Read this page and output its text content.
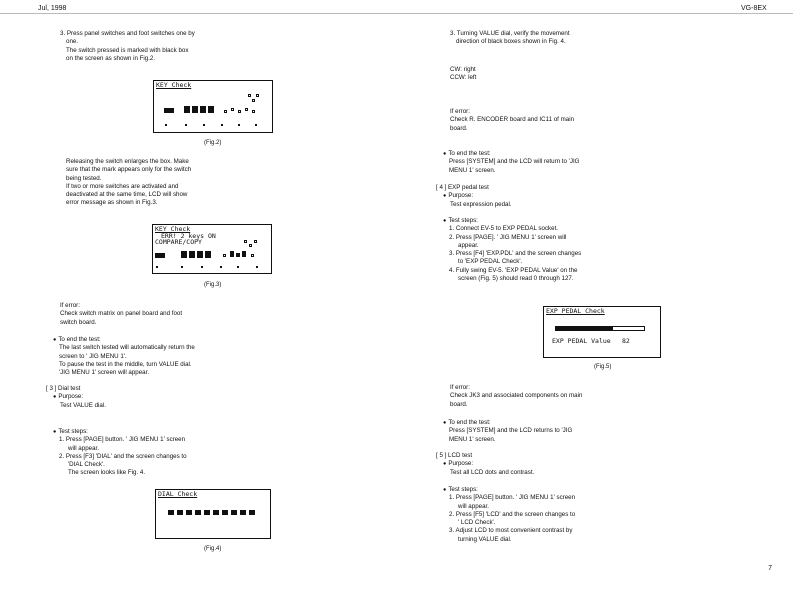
Jul, 1998	VG-8EX
3. Press panel switches and foot switches one by
one.
The switch pressed is marked with black box
on the screen as shown in Fig.2.
KEY Check
(Fig.2)
Releasing the switch enlarges the box. Make
sure that the mark appears only for the switch
being tested.
If two or more switches are activated and
deactivated at the same time, LCD will show
error message as shown in Fig.3.
KEY Check
ERR! 2 keys ON
COMPARE/COPY
(Fig.3)
If error:
Check switch matrix on panel board and foot
switch board.
● To end the test:
The last switch tested will automatically return the
screen to ' JIG MENU 1'.
To pause the test in the middle, turn VALUE dial.
'JIG MENU 1' screen will appear.
[ 3 ] Dial test
● Purpose:
Test VALUE dial.
● Test steps:
1. Press [PAGE] button. ' JIG MENU 1' screen
will appear.
2. Press [F3] 'DIAL' and the screen changes to
'DIAL Check'.
The screen looks like Fig. 4.
DIAL Check
(Fig.4)
3. Turning VALUE dial, verify the movement
direction of black boxes shown in Fig. 4.
CW: right
CCW: left
If error:
Check R. ENCODER board and IC11 of main
board.
● To end the test:
Press [SYSTEM] and the LCD will return to 'JIG
MENU 1' screen.
[ 4 ] EXP pedal test
● Purpose:
Test expression pedal.
● Test steps:
1. Connect EV-5 to EXP PEDAL socket.
2. Press [PAGE]. ' JIG MENU 1' screen will
appear.
3. Press [F4] 'EXP.PDL' and the screen changes
to 'EXP PEDAL Check'.
4. Fully swing EV-5. 'EXP PEDAL Value' on the
screen (Fig. 5) should read 0 through 127.
EXP PEDAL Check
EXP PEDAL Value 82
(Fig.5)
If error:
Check JK3 and associated components on main
board.
● To end the test:
Press [SYSTEM] and the LCD returns to 'JIG
MENU 1' screen.
[ 5 ] LCD test
● Purpose:
Test all LCD dots and contrast.
● Test steps:
1. Press [PAGE] button. ' JIG MENU 1' screen
will appear.
2. Press [F5] 'LCD' and the screen changes to
' LCD Check'.
3. Adjust LCD to most convenient contrast by
turning VALUE dial.
7
